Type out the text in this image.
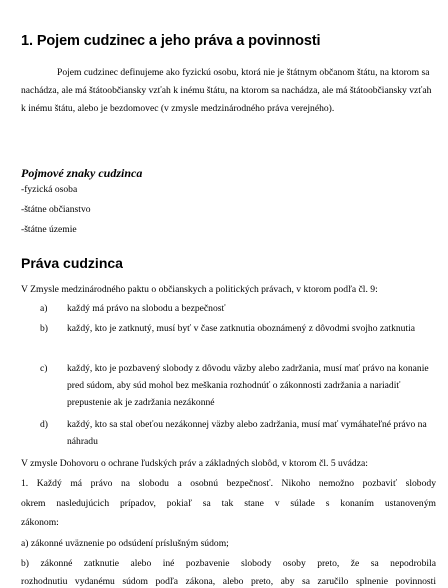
1. Pojem cudzinec a jeho práva a povinnosti
Pojem cudzinec definujeme ako fyzickú osobu, ktorá nie je štátnym občanom štátu, na ktorom sa nachádza, ale má štátoobčiansky vzťah k inému štátu, na ktorom sa nachádza, ale má štátoobčiansky vzťah k inému štátu, alebo je bezdomovec (v zmysle medzinárodného práva verejného).
Pojmové znaky cudzinca
-fyzická osoba
-štátne občianstvo
-štátne územie
Práva cudzinca
V Zmysle medzinárodného paktu o občianskych a politických právach, v ktorom podľa čl. 9:
a)	každý má právo na slobodu a bezpečnosť
b)	každý, kto je zatknutý, musí byť v čase zatknutia oboznámený z dôvodmi svojho zatknutia
c)	každý, kto je pozbavený slobody z dôvodu väzby alebo zadržania, musí mať právo na konanie pred súdom, aby súd mohol bez meškania rozhodnúť o zákonnosti zadržania a nariadiť prepustenie ak je zadržania nezákonné
d)	každý, kto sa stal obeťou nezákonnej väzby alebo zadržania, musí mať vymáhateľné právo na náhradu
V zmysle Dohovoru o ochrane ľudských práv a základných slobôd, v ktorom čl. 5 uvádza:
1. Každý má právo na slobodu a osobnú bezpečnosť. Nikoho nemožno pozbaviť slobody
okrem nasledujúcich prípadov, pokiaľ sa tak stane v súlade s konaním ustanoveným
zákonom:
a) zákonné uväznenie po odsúdení príslušným súdom;
b) zákonné zatknutie alebo iné pozbavenie slobody osoby preto, že sa nepodrobila
rozhodnutiu vydanému súdom podľa zákona, alebo preto, aby sa zaručilo splnenie povinnosti
